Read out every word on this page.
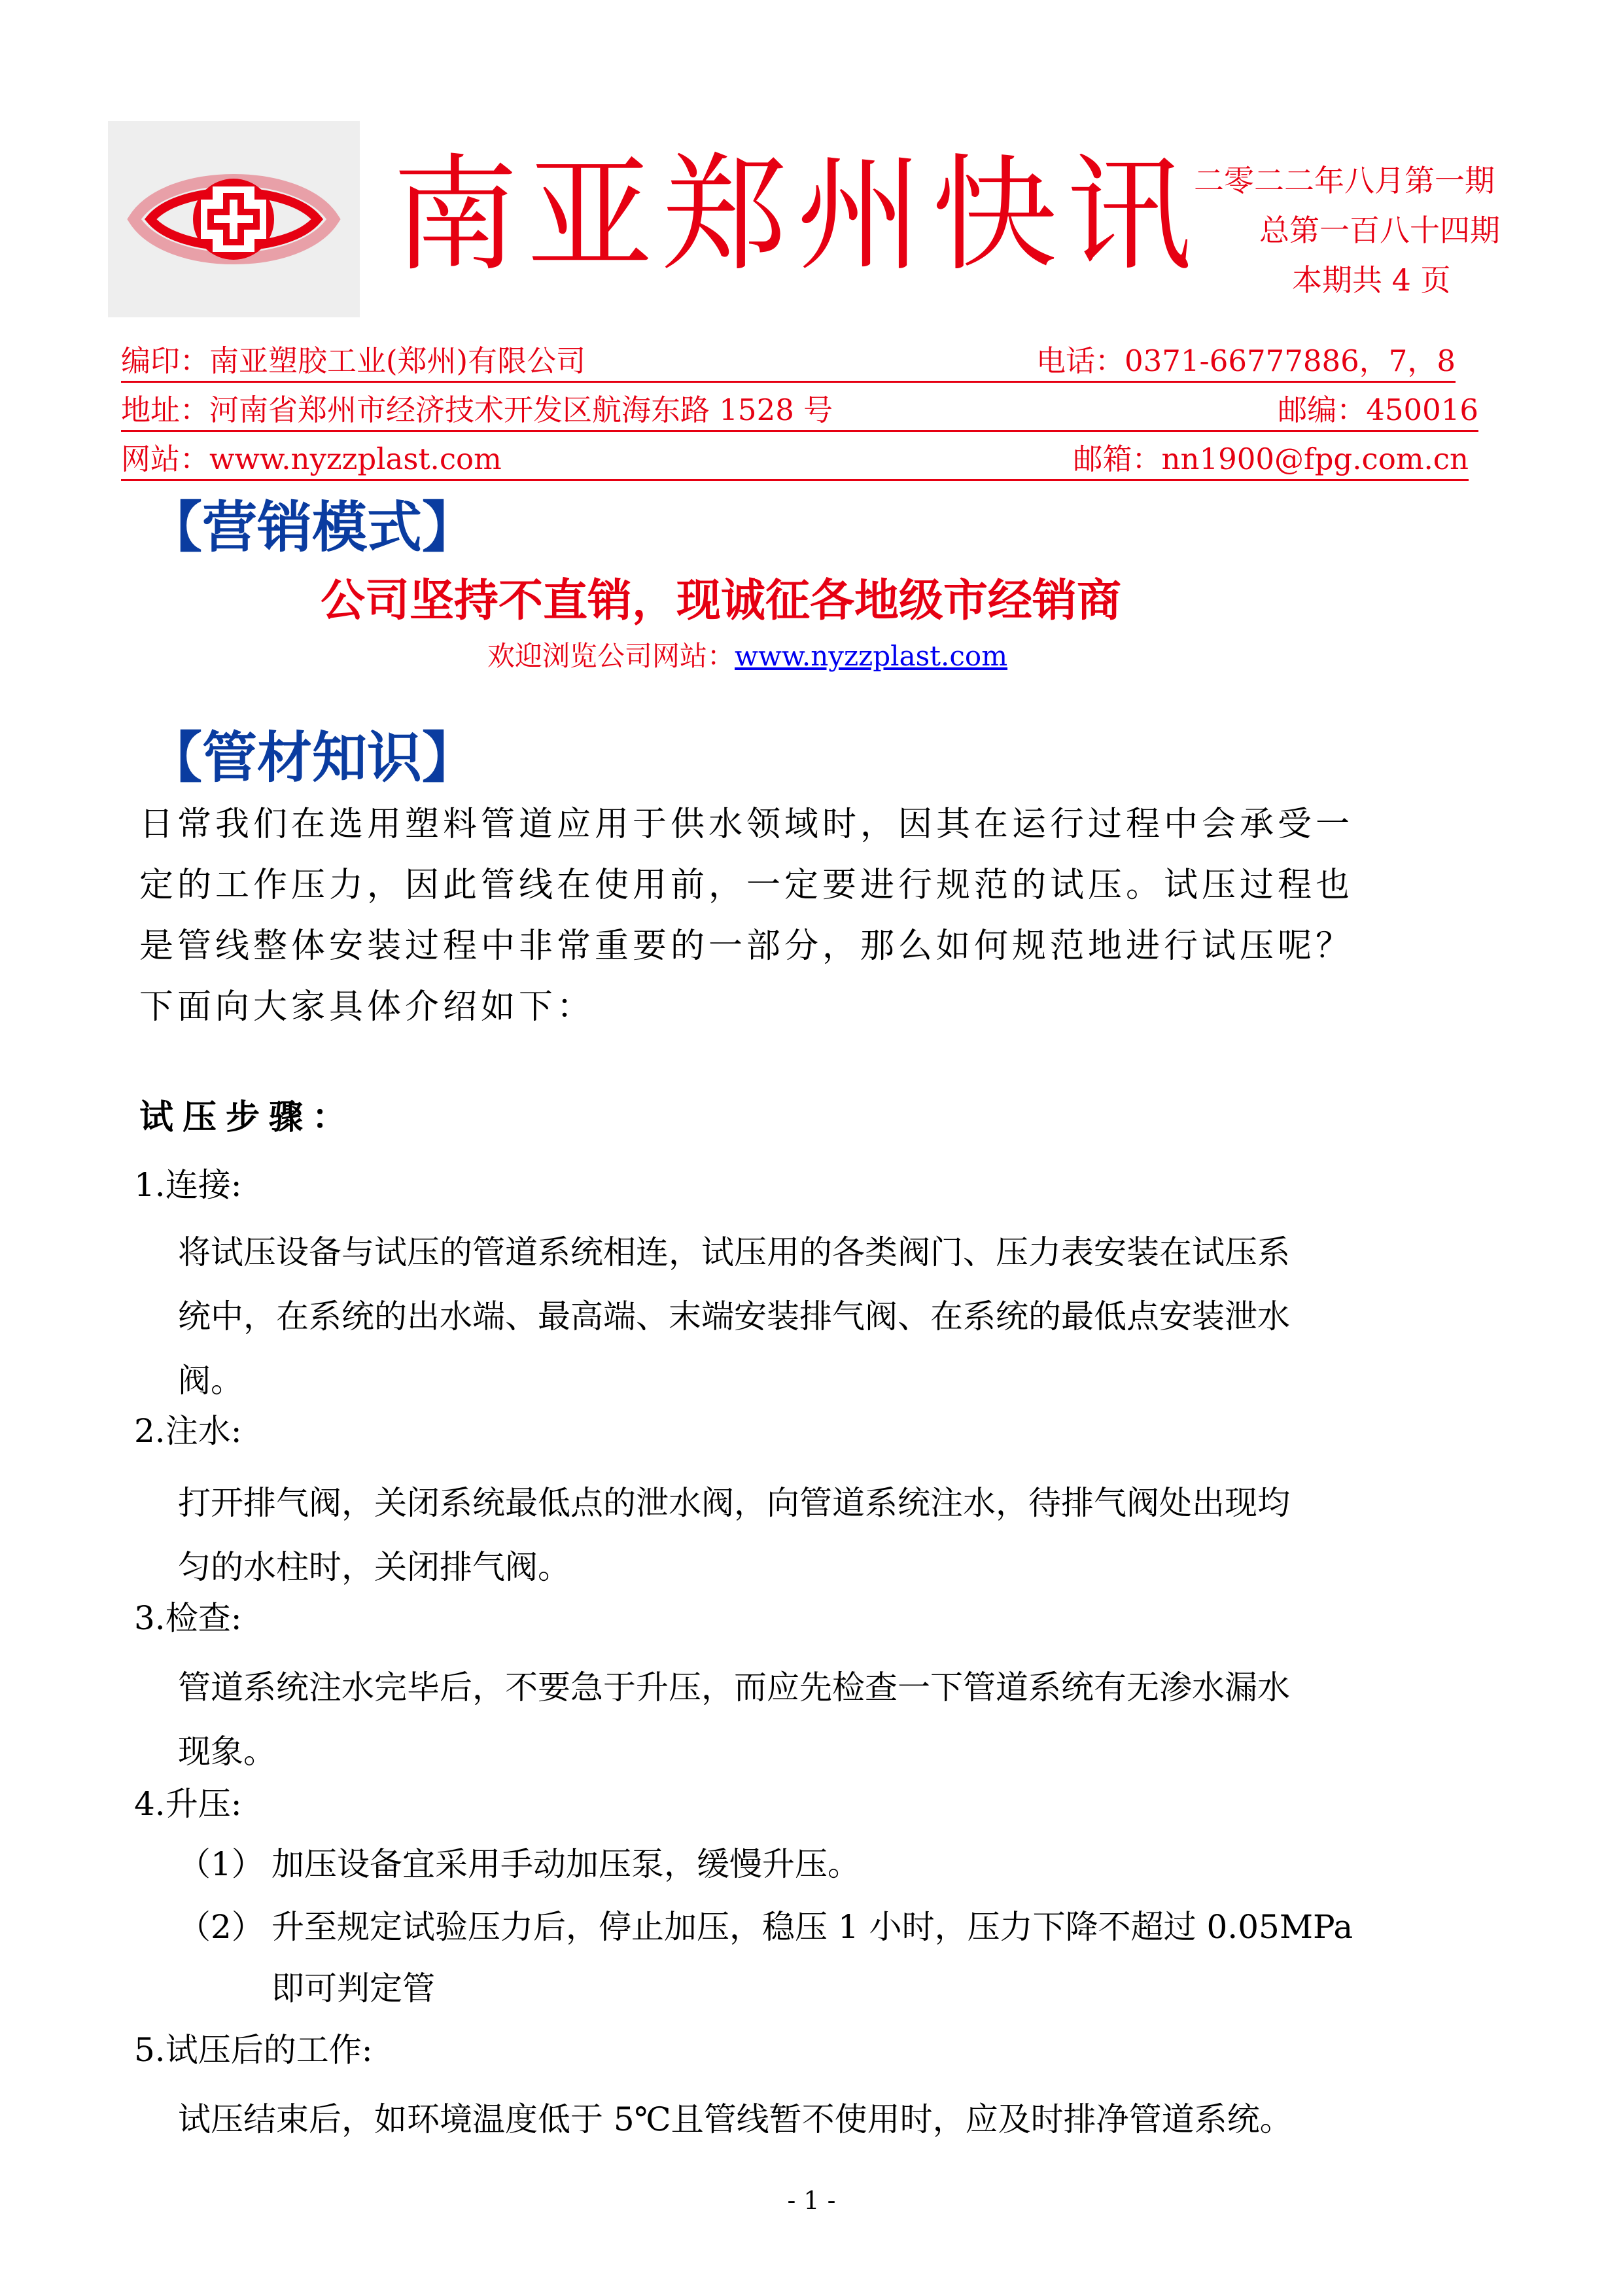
南亚郑州快讯
二零二二年八月第一期
总第一百八十四期
本期共 4 页
编印：南亚塑胶工业(郑州)有限公司	电话：0371-66777886，7，8
地址：河南省郑州市经济技术开发区航海东路 1528 号	邮编：450016
网站：www.nyzzplast.com	邮箱：nn1900@fpg.com.cn
【营销模式】
公司坚持不直销，现诚征各地级市经销商
欢迎浏览公司网站：www.nyzzplast.com
【管材知识】
日常我们在选用塑料管道应用于供水领域时，因其在运行过程中会承受一
定的工作压力，因此管线在使用前，一定要进行规范的试压。试压过程也
是管线整体安装过程中非常重要的一部分，那么如何规范地进行试压呢？
下面向大家具体介绍如下：
试压步骤：
1.连接:
将试压设备与试压的管道系统相连，试压用的各类阀门、压力表安装在试压系
统中，在系统的出水端、最高端、末端安装排气阀、在系统的最低点安装泄水
阀。
2.注水:
打开排气阀，关闭系统最低点的泄水阀，向管道系统注水，待排气阀处出现均
匀的水柱时，关闭排气阀。
3.检查:
管道系统注水完毕后，不要急于升压，而应先检查一下管道系统有无渗水漏水
现象。
4.升压:
（1） 加压设备宜采用手动加压泵，缓慢升压。
（2） 升至规定试验压力后，停止加压，稳压 1 小时，压力下降不超过 0.05MPa
即可判定管
5.试压后的工作:
试压结束后，如环境温度低于 5℃且管线暂不使用时，应及时排净管道系统。
- 1 -
